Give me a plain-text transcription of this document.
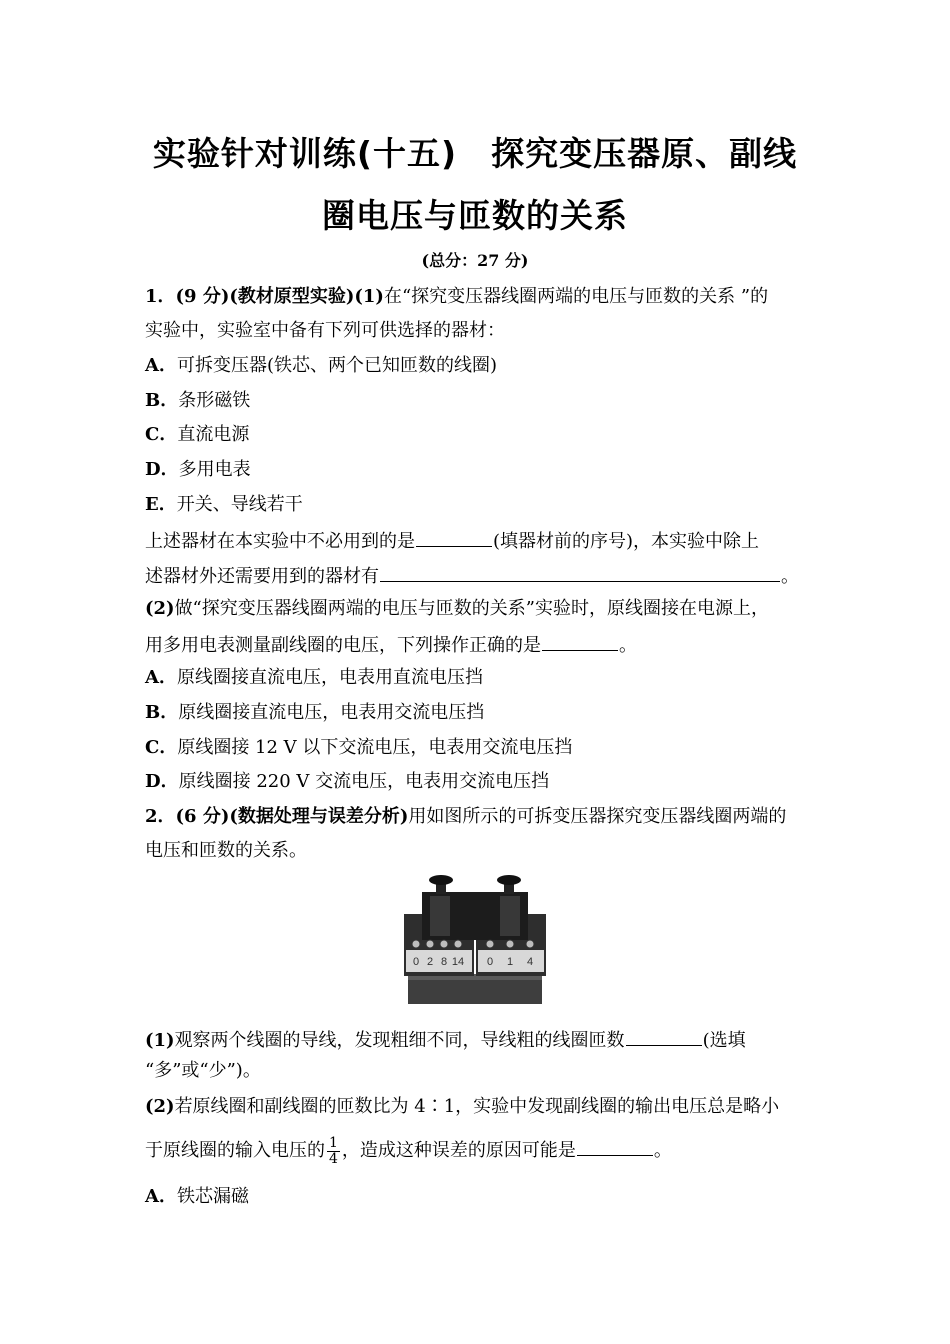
实验针对训练(十五)　探究变压器原、副线
圈电压与匝数的关系
(总分：27 分)
1．(9 分)(教材原型实验)(1)在“探究变压器线圈两端的电压与匝数的关系 ”的
实验中，实验室中备有下列可供选择的器材：
A．可拆变压器(铁芯、两个已知匝数的线圈)
B．条形磁铁
C．直流电源
D．多用电表
E．开关、导线若干
上述器材在本实验中不必用到的是	(填器材前的序号)，本实验中除上
述器材外还需要用到的器材有	。
(2)做“探究变压器线圈两端的电压与匝数的关系”实验时，原线圈接在电源上，
用多用电表测量副线圈的电压，下列操作正确的是	。
A．原线圈接直流电压，电表用直流电压挡
B．原线圈接直流电压，电表用交流电压挡
C．原线圈接 12 V 以下交流电压，电表用交流电压挡
D．原线圈接 220 V 交流电压，电表用交流电压挡
2．(6 分)(数据处理与误差分析)用如图所示的可拆变压器探究变压器线圈两端的
电压和匝数的关系。
0 2 8 14 0 1 4
(1)观察两个线圈的导线，发现粗细不同，导线粗的线圈匝数	(选填
“多”或“少”)。
(2)若原线圈和副线圈的匝数比为 4∶1，实验中发现副线圈的输出电压总是略小
于原线圈的输入电压的 $\frac{1}{4}$ ，造成这种误差的原因可能是	。
A．铁芯漏磁
